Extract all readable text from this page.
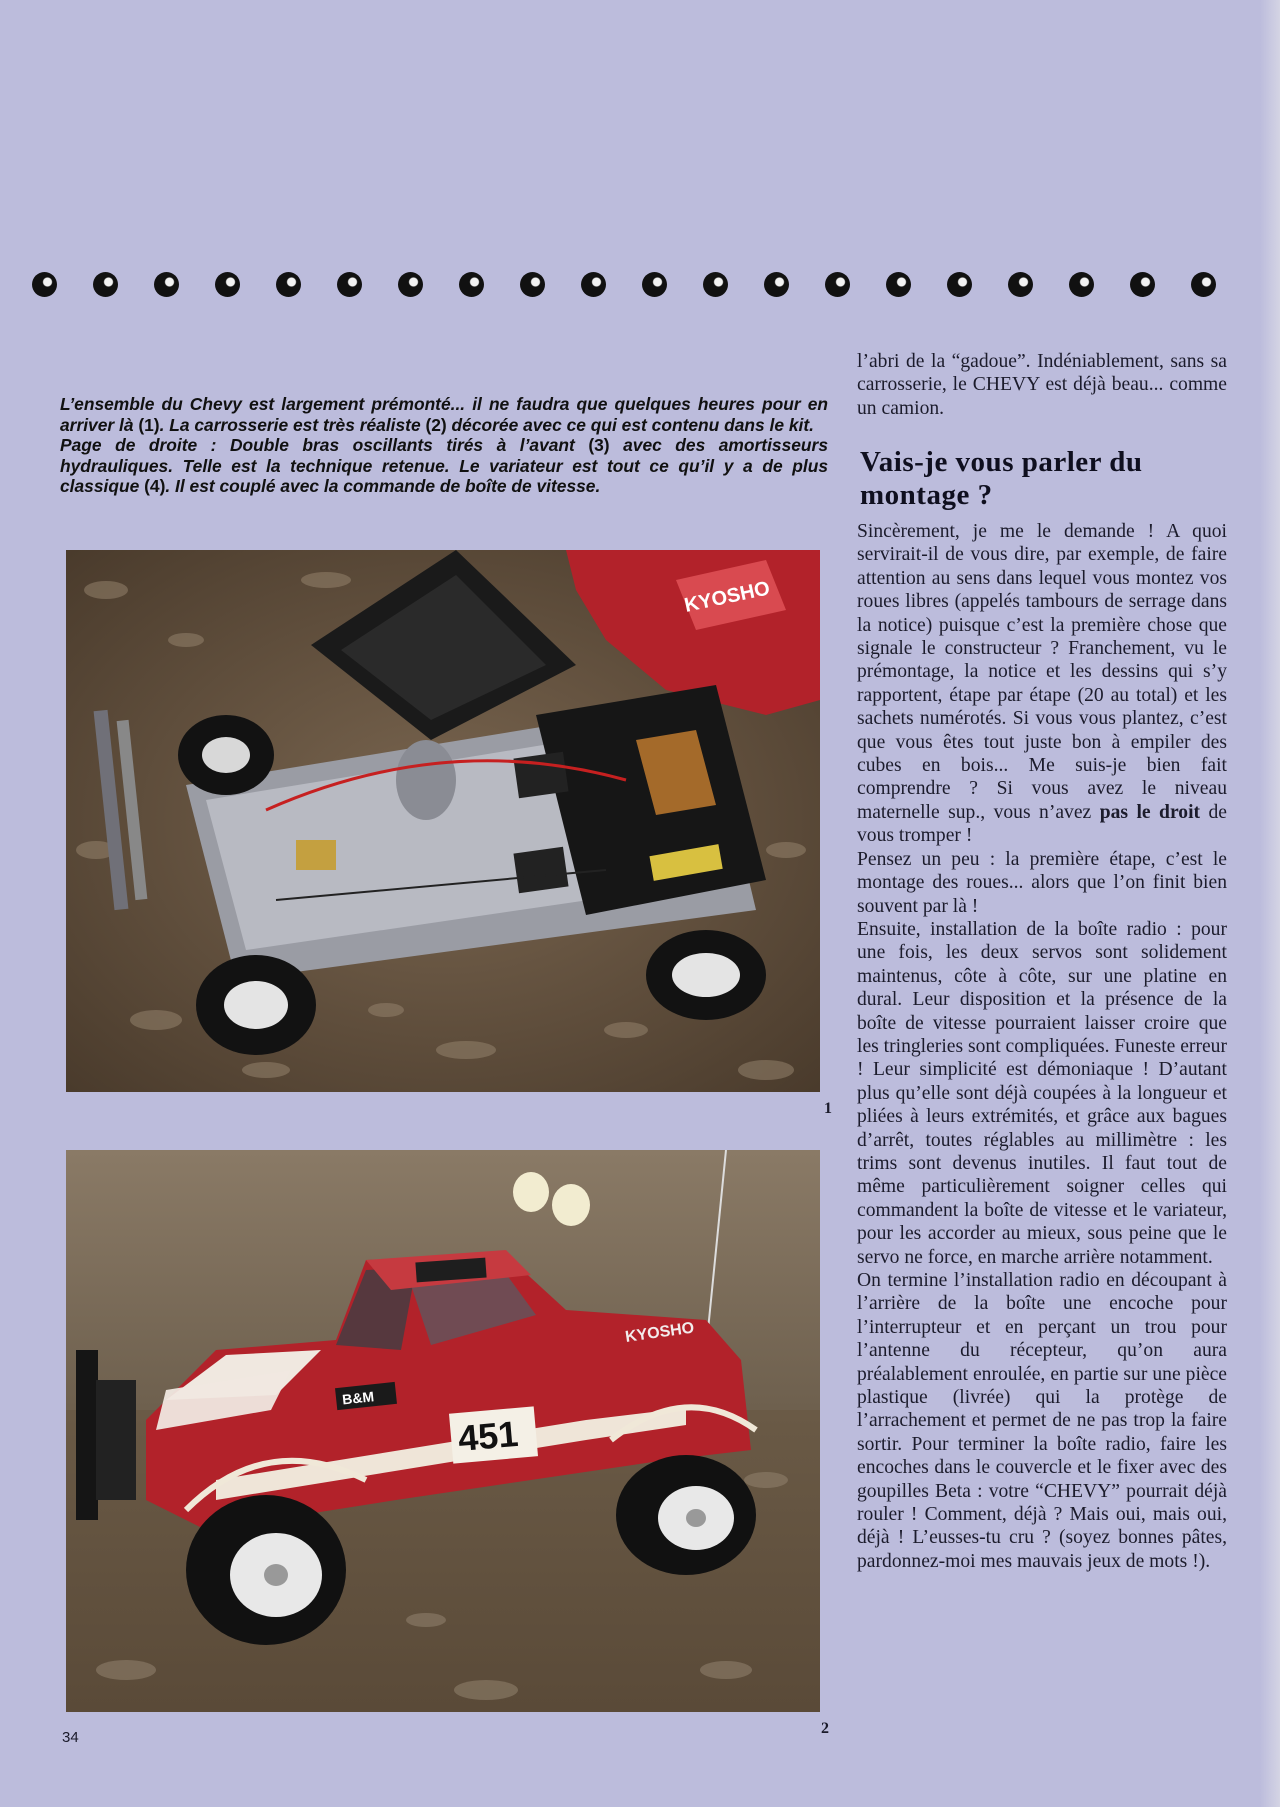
L’ensemble du Chevy est largement prémonté... il ne faudra que quelques heures pour en arriver là (1). La carrosserie est très réaliste (2) décorée avec ce qui est contenu dans le kit.

Page de droite : Double bras oscillants tirés à l’avant (3) avec des amortisseurs hydrauliques. Telle est la technique retenue. Le variateur est tout ce qu’il y a de plus classique (4). Il est couplé avec la commande de boîte de vitesse.

KYOSHO
1
451
B&M
KYOSHO
2

l’abri de la “gadoue”. Indéniablement, sans sa carrosserie, le CHEVY est déjà beau... comme un camion.

Vais-je vous parler du montage ?

Sincèrement, je me le demande ! A quoi servirait-il de vous dire, par exemple, de faire attention au sens dans lequel vous montez vos roues libres (appelés tambours de serrage dans la notice) puisque c’est la première chose que signale le constructeur ? Franchement, vu le prémontage, la notice et les dessins qui s’y rapportent, étape par étape (20 au total) et les sachets numérotés. Si vous vous plantez, c’est que vous êtes tout juste bon à empiler des cubes en bois... Me suis-je bien fait comprendre ? Si vous avez le niveau maternelle sup., vous n’avez pas le droit de vous tromper !

Pensez un peu : la première étape, c’est le montage des roues... alors que l’on finit bien souvent par là !

Ensuite, installation de la boîte radio : pour une fois, les deux servos sont solidement maintenus, côte à côte, sur une platine en dural. Leur disposition et la présence de la boîte de vitesse pourraient laisser croire que les tringleries sont compliquées. Funeste erreur ! Leur simplicité est démoniaque ! D’autant plus qu’elle sont déjà coupées à la longueur et pliées à leurs extrémités, et grâce aux bagues d’arrêt, toutes réglables au millimètre : les trims sont devenus inutiles. Il faut tout de même particulièrement soigner celles qui commandent la boîte de vitesse et le variateur, pour les accorder au mieux, sous peine que le servo ne force, en marche arrière notamment.

On termine l’installation radio en découpant à l’arrière de la boîte une encoche pour l’interrupteur et en perçant un trou pour l’antenne du récepteur, qu’on aura préalablement enroulée, en partie sur une pièce plastique (livrée) qui la protège de l’arrachement et permet de ne pas trop la faire sortir. Pour terminer la boîte radio, faire les encoches dans le couvercle et le fixer avec des goupilles Beta : votre “CHEVY” pourrait déjà rouler ! Comment, déjà ? Mais oui, mais oui, déjà ! L’eusses-tu cru ? (soyez bonnes pâtes, pardonnez-moi mes mauvais jeux de mots !).

34
